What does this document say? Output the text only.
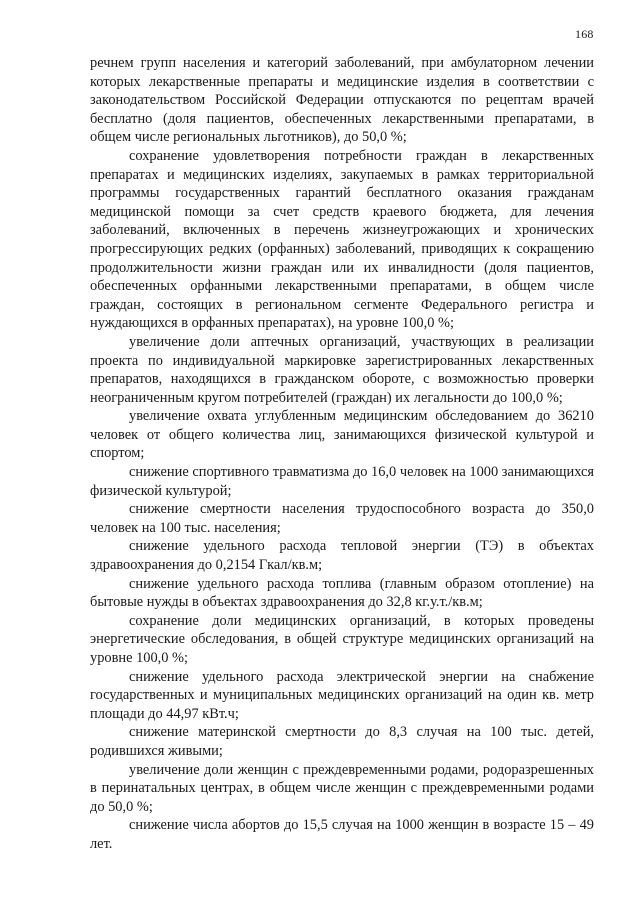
168

речнем групп населения и категорий заболеваний, при амбулаторном лечении которых лекарственные препараты и медицинские изделия в соответствии с законодательством Российской Федерации отпускаются по рецептам врачей бесплатно (доля пациентов, обеспеченных лекарственными препаратами, в общем числе региональных льготников), до 50,0 %;

сохранение удовлетворения потребности граждан в лекарственных препаратах и медицинских изделиях, закупаемых в рамках территориальной программы государственных гарантий бесплатного оказания гражданам медицинской помощи за счет средств краевого бюджета, для лечения заболеваний, включенных в перечень жизнеугрожающих и хронических прогрессирующих редких (орфанных) заболеваний, приводящих к сокращению продолжительности жизни граждан или их инвалидности (доля пациентов, обеспеченных орфанными лекарственными препаратами, в общем числе граждан, состоящих в региональном сегменте Федерального регистра и нуждающихся в орфанных препаратах), на уровне 100,0 %;

увеличение доли аптечных организаций, участвующих в реализации проекта по индивидуальной маркировке зарегистрированных лекарственных препаратов, находящихся в гражданском обороте, с возможностью проверки неограниченным кругом потребителей (граждан) их легальности до 100,0 %;

увеличение охвата углубленным медицинским обследованием до 36210 человек от общего количества лиц, занимающихся физической культурой и спортом;

снижение спортивного травматизма до 16,0 человек на 1000 занимающихся физической культурой;

снижение смертности населения трудоспособного возраста до 350,0 человек на 100 тыс. населения;

снижение удельного расхода тепловой энергии (ТЭ) в объектах здравоохранения до 0,2154 Гкал/кв.м;

снижение удельного расхода топлива (главным образом отопление) на бытовые нужды в объектах здравоохранения до 32,8 кг.у.т./кв.м;

сохранение доли медицинских организаций, в которых проведены энергетические обследования, в общей структуре медицинских организаций на уровне 100,0 %;

снижение удельного расхода электрической энергии на снабжение государственных и муниципальных медицинских организаций на один кв. метр площади до 44,97 кВт.ч;

снижение материнской смертности до 8,3 случая на 100 тыс. детей, родившихся живыми;

увеличение доли женщин с преждевременными родами, родоразрешенных в перинатальных центрах, в общем числе женщин с преждевременными родами до 50,0 %;

снижение числа абортов до 15,5 случая на 1000 женщин в возрасте 15 – 49 лет.
